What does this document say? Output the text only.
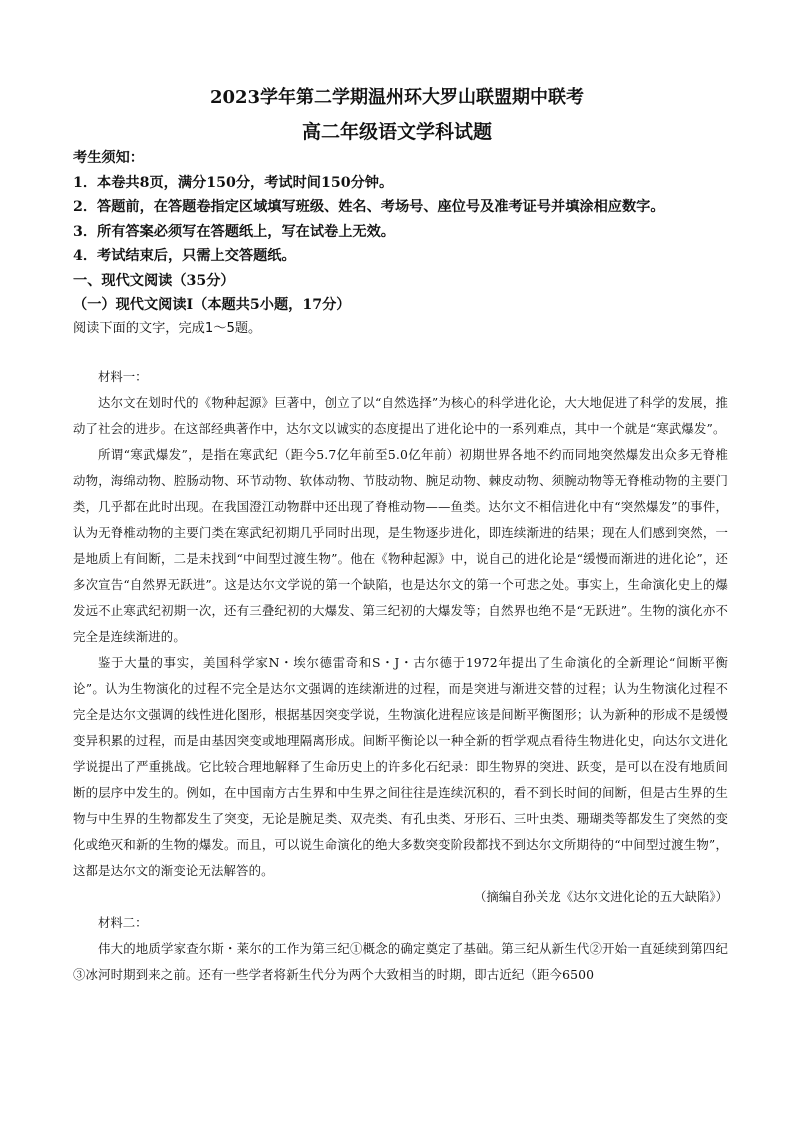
2023学年第二学期温州环大罗山联盟期中联考
高二年级语文学科试题

考生须知：

1．本卷共8页，满分150分，考试时间150分钟。

2．答题前，在答题卷指定区域填写班级、姓名、考场号、座位号及准考证号并填涂相应数字。

3．所有答案必须写在答题纸上，写在试卷上无效。

4．考试结束后，只需上交答题纸。

一、现代文阅读（35分）

（一）现代文阅读Ⅰ（本题共5小题，17分）

阅读下面的文字，完成1～5题。

材料一：

达尔文在划时代的《物种起源》巨著中，创立了以“自然选择”为核心的科学进化论，大大地促进了科学的发展，推动了社会的进步。在这部经典著作中，达尔文以诚实的态度提出了进化论中的一系列难点，其中一个就是“寒武爆发”。

所谓“寒武爆发”，是指在寒武纪（距今5.7亿年前至5.0亿年前）初期世界各地不约而同地突然爆发出众多无脊椎动物，海绵动物、腔肠动物、环节动物、软体动物、节肢动物、腕足动物、棘皮动物、须腕动物等无脊椎动物的主要门类，几乎都在此时出现。在我国澄江动物群中还出现了脊椎动物——鱼类。达尔文不相信进化中有“突然爆发”的事件，认为无脊椎动物的主要门类在寒武纪初期几乎同时出现，是生物逐步进化，即连续渐进的结果；现在人们感到突然，一是地质上有间断，二是未找到“中间型过渡生物”。他在《物种起源》中，说自己的进化论是“缓慢而渐进的进化论”，还多次宣告“自然界无跃进”。这是达尔文学说的第一个缺陷，也是达尔文的第一个可悲之处。事实上，生命演化史上的爆发远不止寒武纪初期一次，还有三叠纪初的大爆发、第三纪初的大爆发等；自然界也绝不是“无跃进”。生物的演化亦不完全是连续渐进的。

鉴于大量的事实，美国科学家N・埃尔德雷奇和S・J・古尔德于1972年提出了生命演化的全新理论“间断平衡论”。认为生物演化的过程不完全是达尔文强调的连续渐进的过程，而是突进与渐进交替的过程；认为生物演化过程不完全是达尔文强调的线性进化图形，根据基因突变学说，生物演化进程应该是间断平衡图形；认为新种的形成不是缓慢变异积累的过程，而是由基因突变或地理隔离形成。间断平衡论以一种全新的哲学观点看待生物进化史，向达尔文进化学说提出了严重挑战。它比较合理地解释了生命历史上的许多化石纪录：即生物界的突进、跃变，是可以在没有地质间断的层序中发生的。例如，在中国南方古生界和中生界之间往往是连续沉积的，看不到长时间的间断，但是古生界的生物与中生界的生物都发生了突变，无论是腕足类、双壳类、有孔虫类、牙形石、三叶虫类、珊瑚类等都发生了突然的变化或绝灭和新的生物的爆发。而且，可以说生命演化的绝大多数突变阶段都找不到达尔文所期待的“中间型过渡生物”，这都是达尔文的渐变论无法解答的。

（摘编自孙关龙《达尔文进化论的五大缺陷》）

材料二：

伟大的地质学家查尔斯・莱尔的工作为第三纪①概念的确定奠定了基础。第三纪从新生代②开始一直延续到第四纪③冰河时期到来之前。还有一些学者将新生代分为两个大致相当的时期，即古近纪（距今6500
